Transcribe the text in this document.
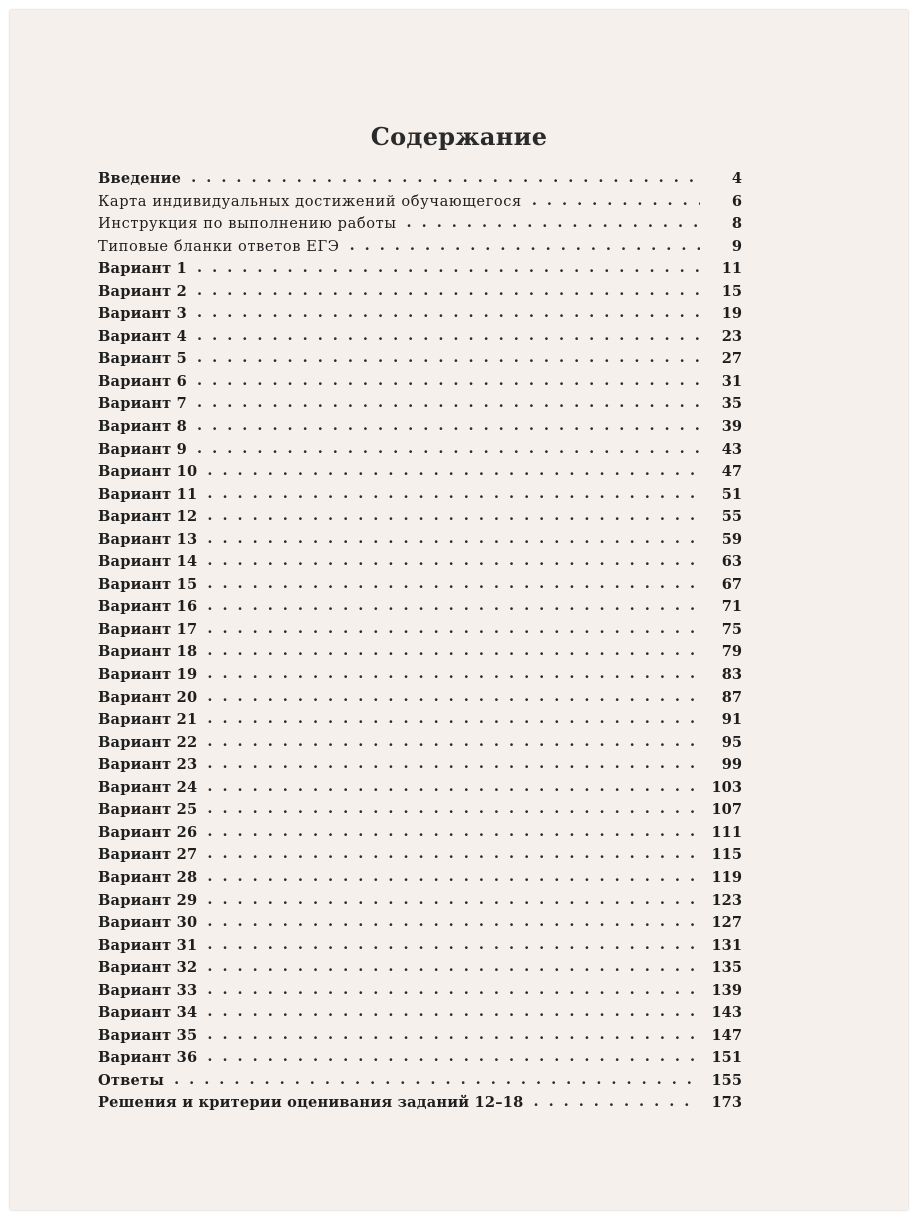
Содержание
Введение .....	4
Карта индивидуальных достижений обучающегося .....	6
Инструкция по выполнению работы .....	8
Типовые бланки ответов ЕГЭ .....	9
Вариант 1 .....	11
Вариант 2 .....	15
Вариант 3 .....	19
Вариант 4 .....	23
Вариант 5 .....	27
Вариант 6 .....	31
Вариант 7 .....	35
Вариант 8 .....	39
Вариант 9 .....	43
Вариант 10 .....	47
Вариант 11 .....	51
Вариант 12 .....	55
Вариант 13 .....	59
Вариант 14 .....	63
Вариант 15 .....	67
Вариант 16 .....	71
Вариант 17 .....	75
Вариант 18 .....	79
Вариант 19 .....	83
Вариант 20 .....	87
Вариант 21 .....	91
Вариант 22 .....	95
Вариант 23 .....	99
Вариант 24 .....	103
Вариант 25 .....	107
Вариант 26 .....	111
Вариант 27 .....	115
Вариант 28 .....	119
Вариант 29 .....	123
Вариант 30 .....	127
Вариант 31 .....	131
Вариант 32 .....	135
Вариант 33 .....	139
Вариант 34 .....	143
Вариант 35 .....	147
Вариант 36 .....	151
Ответы .....	155
Решения и критерии оценивания заданий 12–18 .....	173
